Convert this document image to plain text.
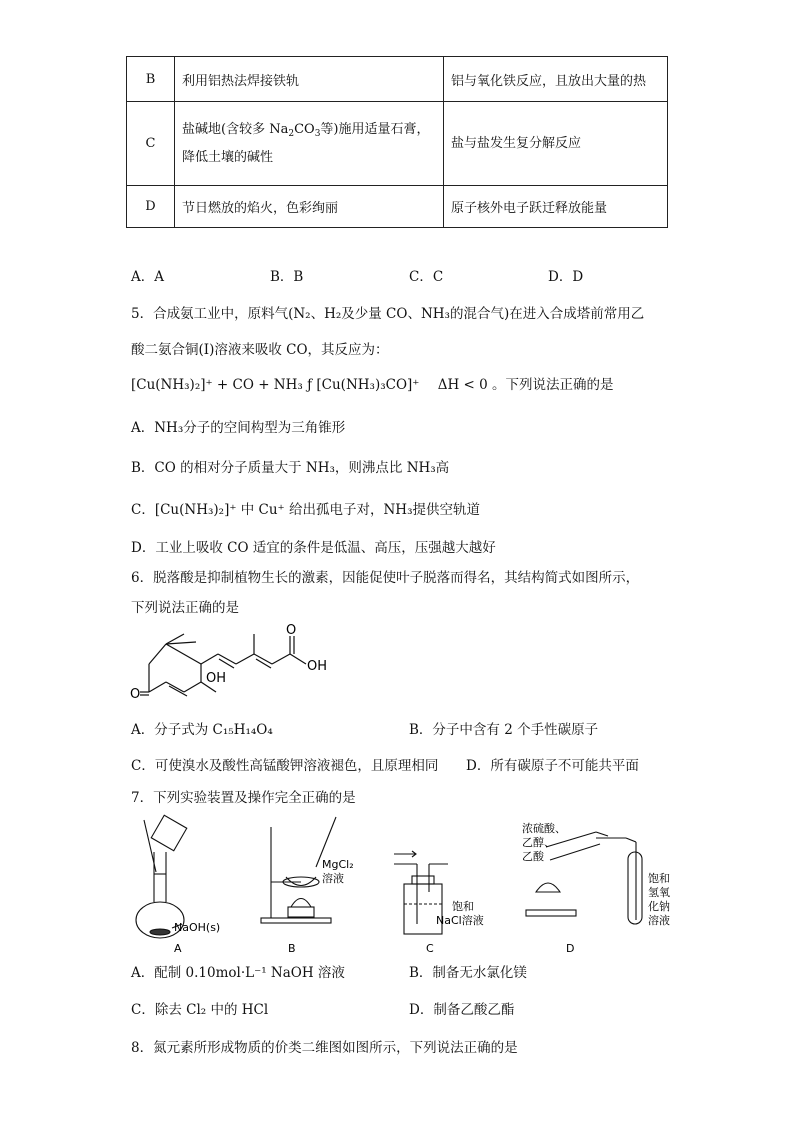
B	利用铝热法焊接铁轨	铝与氧化铁反应，且放出大量的热
C	盐碱地(含较多 $Na_2CO_3$等)施用适量石膏，
降低土壤的碱性	盐与盐发生复分解反应
D	节日燃放的焰火，色彩绚丽	原子核外电子跃迁释放能量
A．A	B．B	C．C	D．D
5．合成氨工业中，原料气(N₂、H₂及少量 CO、NH₃的混合气)在进入合成塔前常用乙
酸二氨合铜(Ⅰ)溶液来吸收 CO，其反应为：
[Cu(NH₃)₂]⁺ + CO + NH₃ ƒ [Cu(NH₃)₃CO]⁺ ΔH < 0 。下列说法正确的是
A．NH₃分子的空间构型为三角锥形
B．CO 的相对分子质量大于 NH₃，则沸点比 NH₃高
C．[Cu(NH₃)₂]⁺ 中 Cu⁺ 给出孤电子对，NH₃提供空轨道
D．工业上吸收 CO 适宜的条件是低温、高压，压强越大越好
6．脱落酸是抑制植物生长的激素，因能促使叶子脱落而得名，其结构简式如图所示，
下列说法正确的是
OH
O
O
OH
A．分子式为 C₁₅H₁₄O₄	B．分子中含有 2 个手性碳原子
C．可使溴水及酸性高锰酸钾溶液褪色，且原理相同 D．所有碳原子不可能共平面
7．下列实验装置及操作完全正确的是
NaOH(s)
A
MgCl₂
溶液
B
饱和
NaCl溶液
C
浓硫酸、
乙醇、
乙酸
饱和
氢氧
化钠
溶液
D
A．配制 0.10mol·L⁻¹ NaOH 溶液	B．制备无水氯化镁
C．除去 Cl₂ 中的 HCl	D．制备乙酸乙酯
8．氮元素所形成物质的价类二维图如图所示，下列说法正确的是
